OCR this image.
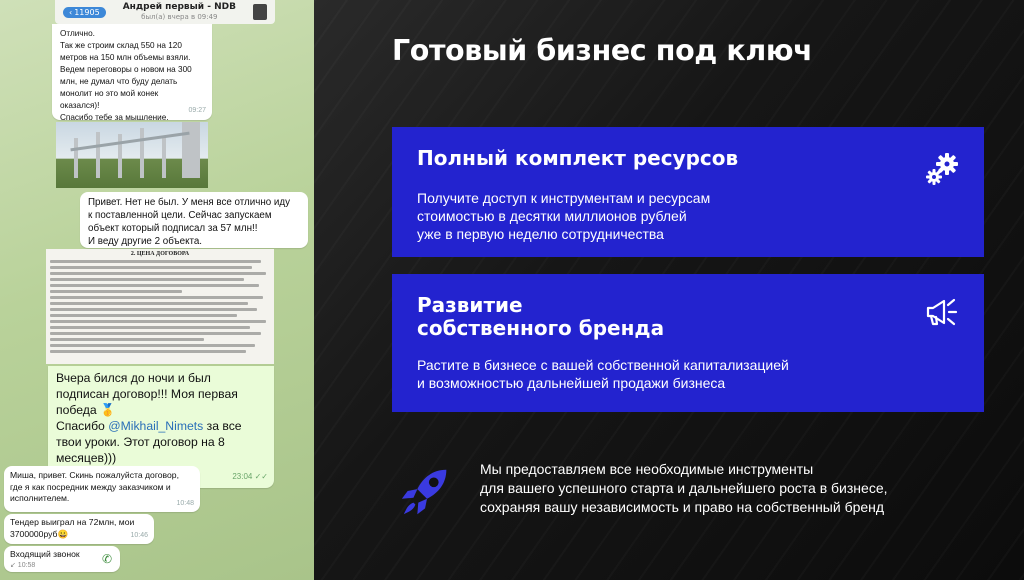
‹ 11905	Андрей первый - NDB
был(а) вчера в 09:49
Отлично.
Так же строим склад 550 на 120
метров на 150 млн объемы взяли.
Ведем переговоры о новом на 300
млн, не думал что буду делать
монолит но это мой конек
оказался)!
Спасибо тебе за мышление.
09:27
Привет. Нет не был. У меня все отлично иду
к поставленной цели. Сейчас запускаем
объект который подписал за 57 млн!!
И веду другие 2 объекта.
2. ЦЕНА ДОГОВОРА
Вчера бился до ночи и был
подписан договор!!! Моя первая
победа 🥇
Спасибо @Mikhail_Nimets за все
твои уроки. Этот договор на 8
месяцев)))
23:04 ✓✓
Миша, привет. Скинь пожалуйста договор,
где я как посредник между заказчиком и
исполнителем.	10:48
Тендер выиграл на 72млн, мои
3700000руб😀	10:46
Входящий звонок
↙ 10:58	✆
Готовый бизнес под ключ
Полный комплект ресурсов
Получите доступ к инструментам и ресурсам
стоимостью в десятки миллионов рублей
уже в первую неделю сотрудничества
Развитие
собственного бренда
Растите в бизнесе с вашей собственной капитализацией
и возможностью дальнейшей продажи бизнеса
Мы предоставляем все необходимые инструменты
для вашего успешного старта и дальнейшего роста в бизнесе,
сохраняя вашу независимость и право на собственный бренд
